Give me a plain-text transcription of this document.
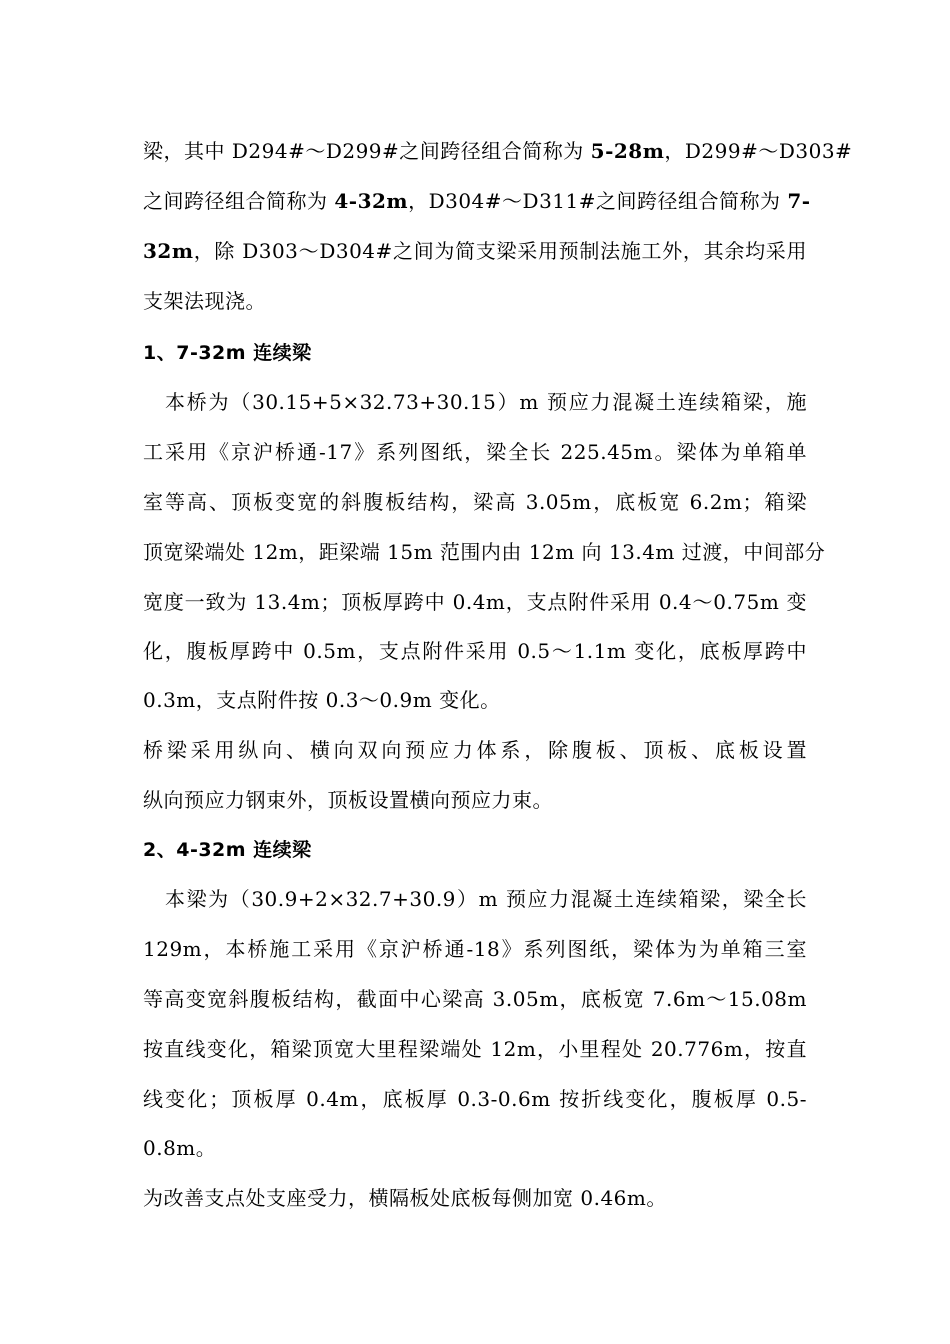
梁，其中 D294#～D299#之间跨径组合简称为 5-28m，D299#～D303#
之间跨径组合简称为 4-32m，D304#～D311#之间跨径组合简称为 7-
32m，除 D303～D304#之间为简支梁采用预制法施工外，其余均采用
支架法现浇。
1、7-32m 连续梁
本桥为（30.15+5×32.73+30.15）m 预应力混凝土连续箱梁，施
工采用《京沪桥通-17》系列图纸，梁全长 225.45m。梁体为单箱单
室等高、顶板变宽的斜腹板结构，梁高 3.05m，底板宽 6.2m；箱梁
顶宽梁端处 12m，距梁端 15m 范围内由 12m 向 13.4m 过渡，中间部分
宽度一致为 13.4m；顶板厚跨中 0.4m，支点附件采用 0.4～0.75m 变
化，腹板厚跨中 0.5m，支点附件采用 0.5～1.1m 变化，底板厚跨中
0.3m，支点附件按 0.3～0.9m 变化。
桥梁采用纵向、横向双向预应力体系，除腹板、顶板、底板设置
纵向预应力钢束外，顶板设置横向预应力束。
2、4-32m 连续梁
本梁为（30.9+2×32.7+30.9）m 预应力混凝土连续箱梁，梁全长
129m，本桥施工采用《京沪桥通-18》系列图纸，梁体为为单箱三室
等高变宽斜腹板结构，截面中心梁高 3.05m，底板宽 7.6m～15.08m
按直线变化，箱梁顶宽大里程梁端处 12m，小里程处 20.776m，按直
线变化；顶板厚 0.4m，底板厚 0.3-0.6m 按折线变化，腹板厚 0.5-
0.8m。
为改善支点处支座受力，横隔板处底板每侧加宽 0.46m。
